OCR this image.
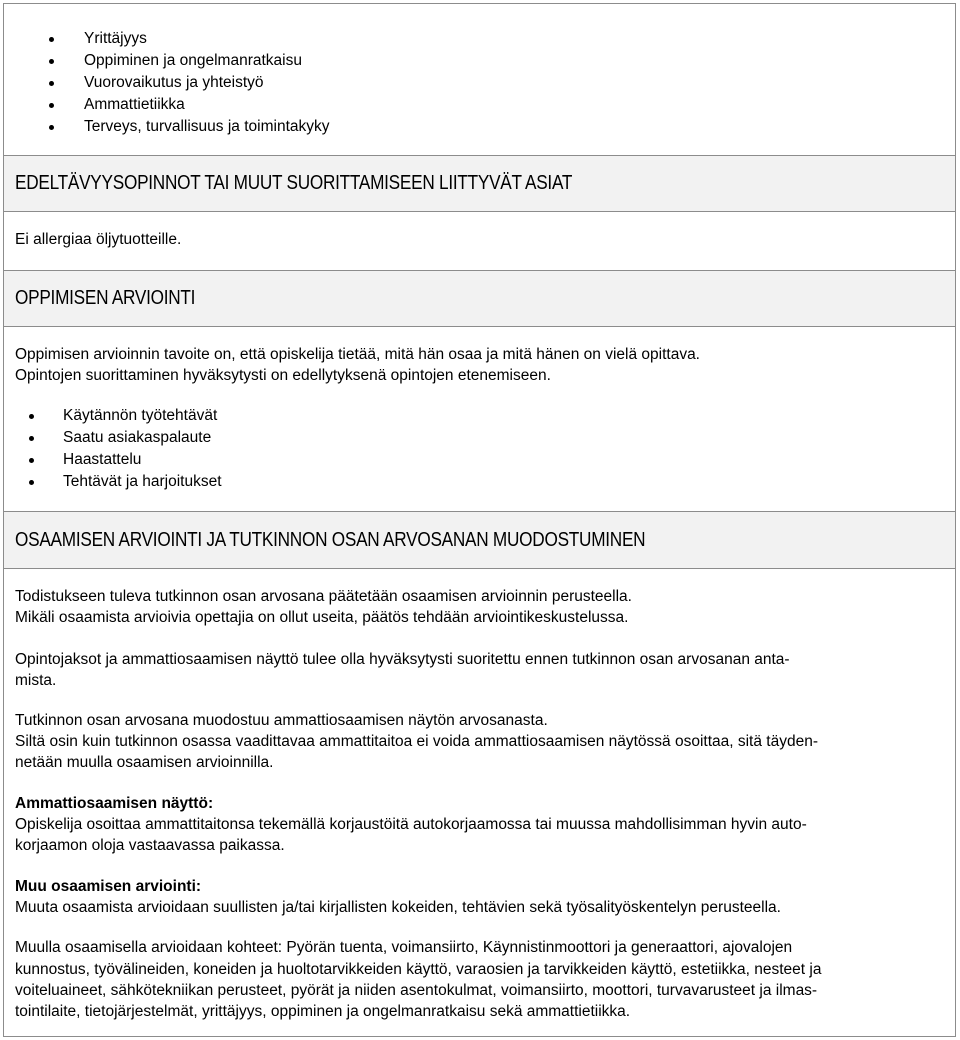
Yrittäjyys
Oppiminen ja ongelmanratkaisu
Vuorovaikutus ja yhteistyö
Ammattietiikka
Terveys, turvallisuus ja toimintakyky
EDELTÄVYYSOPINNOT TAI MUUT SUORITTAMISEEN LIITTYVÄT ASIAT
Ei allergiaa öljytuotteille.
OPPIMISEN ARVIOINTI
Oppimisen arvioinnin tavoite on, että opiskelija tietää, mitä hän osaa ja mitä hänen on vielä opittava.
Opintojen suorittaminen hyväksytysti on edellytyksenä opintojen etenemiseen.
Käytännön työtehtävät
Saatu asiakaspalaute
Haastattelu
Tehtävät ja harjoitukset
OSAAMISEN ARVIOINTI JA TUTKINNON OSAN ARVOSANAN MUODOSTUMINEN
Todistukseen tuleva tutkinnon osan arvosana päätetään osaamisen arvioinnin perusteella.
Mikäli osaamista arvioivia opettajia on ollut useita, päätös tehdään arviointikeskustelussa.
Opintojaksot ja ammattiosaamisen näyttö tulee olla hyväksytysti suoritettu ennen tutkinnon osan arvosanan anta-
mista.
Tutkinnon osan arvosana muodostuu ammattiosaamisen näytön arvosanasta.
Siltä osin kuin tutkinnon osassa vaadittavaa ammattitaitoa ei voida ammattiosaamisen näytössä osoittaa, sitä täyden-
netään muulla osaamisen arvioinnilla.
Ammattiosaamisen näyttö:
Opiskelija osoittaa ammattitaitonsa tekemällä korjaustöitä autokorjaamossa tai muussa mahdollisimman hyvin auto-
korjaamon oloja vastaavassa paikassa.
Muu osaamisen arviointi:
Muuta osaamista arvioidaan suullisten ja/tai kirjallisten kokeiden, tehtävien sekä työsalityöskentelyn perusteella.
Muulla osaamisella arvioidaan kohteet: Pyörän tuenta, voimansiirto, Käynnistinmoottori ja generaattori, ajovalojen
kunnostus, työvälineiden, koneiden ja huoltotarvikkeiden käyttö, varaosien ja tarvikkeiden käyttö, estetiikka, nesteet ja
voiteluaineet, sähkötekniikan perusteet, pyörät ja niiden asentokulmat, voimansiirto, moottori, turvavarusteet ja ilmas-
tointilaite, tietojärjestelmät, yrittäjyys, oppiminen ja ongelmanratkaisu sekä ammattietiikka.
